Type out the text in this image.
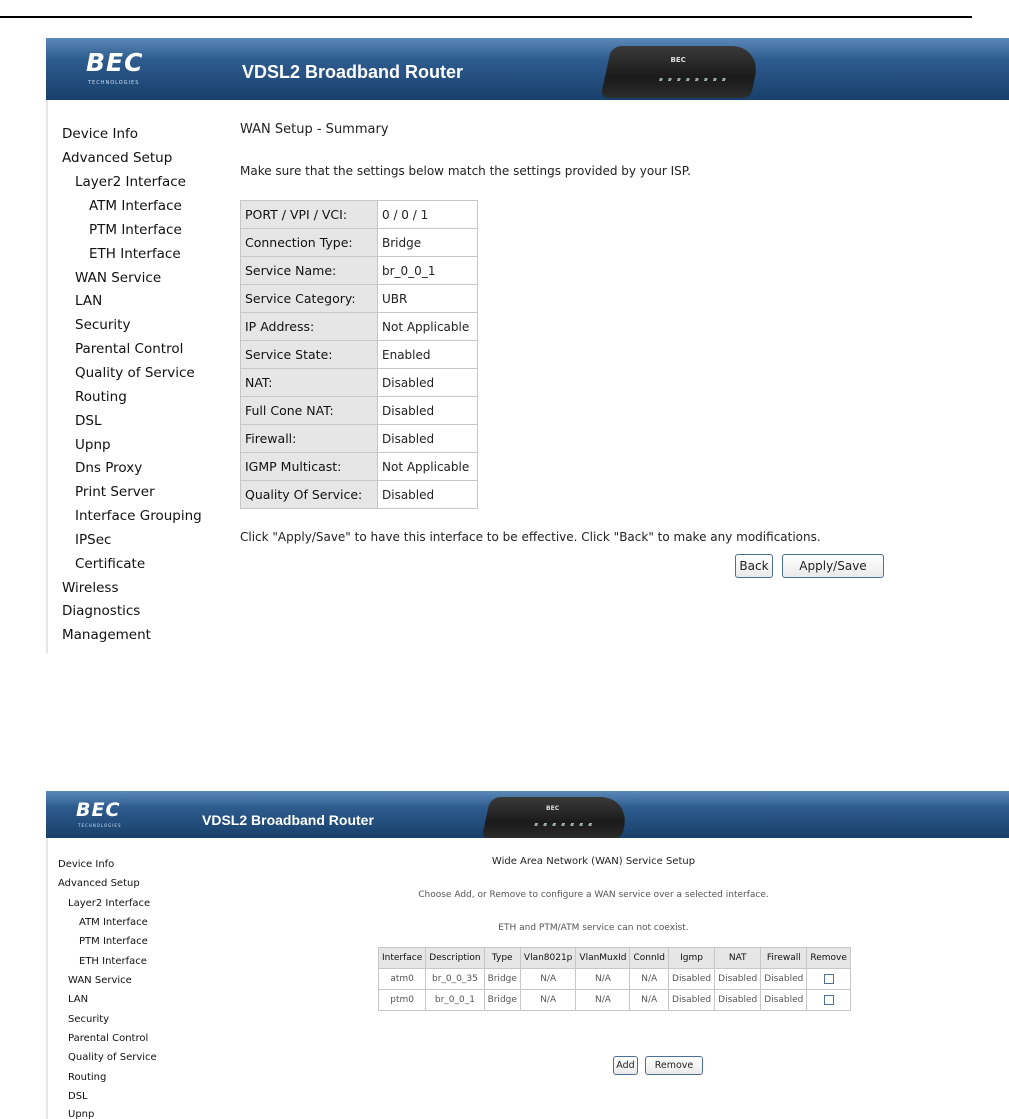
BEC
TECHNOLOGIES
VDSL2 Broadband Router
BEC
Device Info
Advanced Setup
Layer2 Interface
ATM Interface
PTM Interface
ETH Interface
WAN Service
LAN
Security
Parental Control
Quality of Service
Routing
DSL
Upnp
Dns Proxy
Print Server
Interface Grouping
IPSec
Certificate
Wireless
Diagnostics
Management
WAN Setup - Summary
Make sure that the settings below match the settings provided by your ISP.
PORT / VPI / VCI:	0 / 0 / 1
Connection Type:	Bridge
Service Name:	br_0_0_1
Service Category:	UBR
IP Address:	Not Applicable
Service State:	Enabled
NAT:	Disabled
Full Cone NAT:	Disabled
Firewall:	Disabled
IGMP Multicast:	Not Applicable
Quality Of Service:	Disabled
Click "Apply/Save" to have this interface to be effective. Click "Back" to make any modifications.
Back	Apply/Save
BEC
TECHNOLOGIES	VDSL2 Broadband Router
BEC
Device Info
Advanced Setup
Layer2 Interface
ATM Interface
PTM Interface
ETH Interface
WAN Service
LAN
Security
Parental Control
Quality of Service
Routing
DSL
Upnp
Wide Area Network (WAN) Service Setup
Choose Add, or Remove to configure a WAN service over a selected interface.
ETH and PTM/ATM service can not coexist.
Interface	Description	Type	Vlan8021p	VlanMuxId	ConnId	Igmp	NAT	Firewall	Remove
atm0	br_0_0_35	Bridge	N/A	N/A	N/A	Disabled	Disabled	Disabled	
ptm0	br_0_0_1	Bridge	N/A	N/A	N/A	Disabled	Disabled	Disabled	
Add	Remove
